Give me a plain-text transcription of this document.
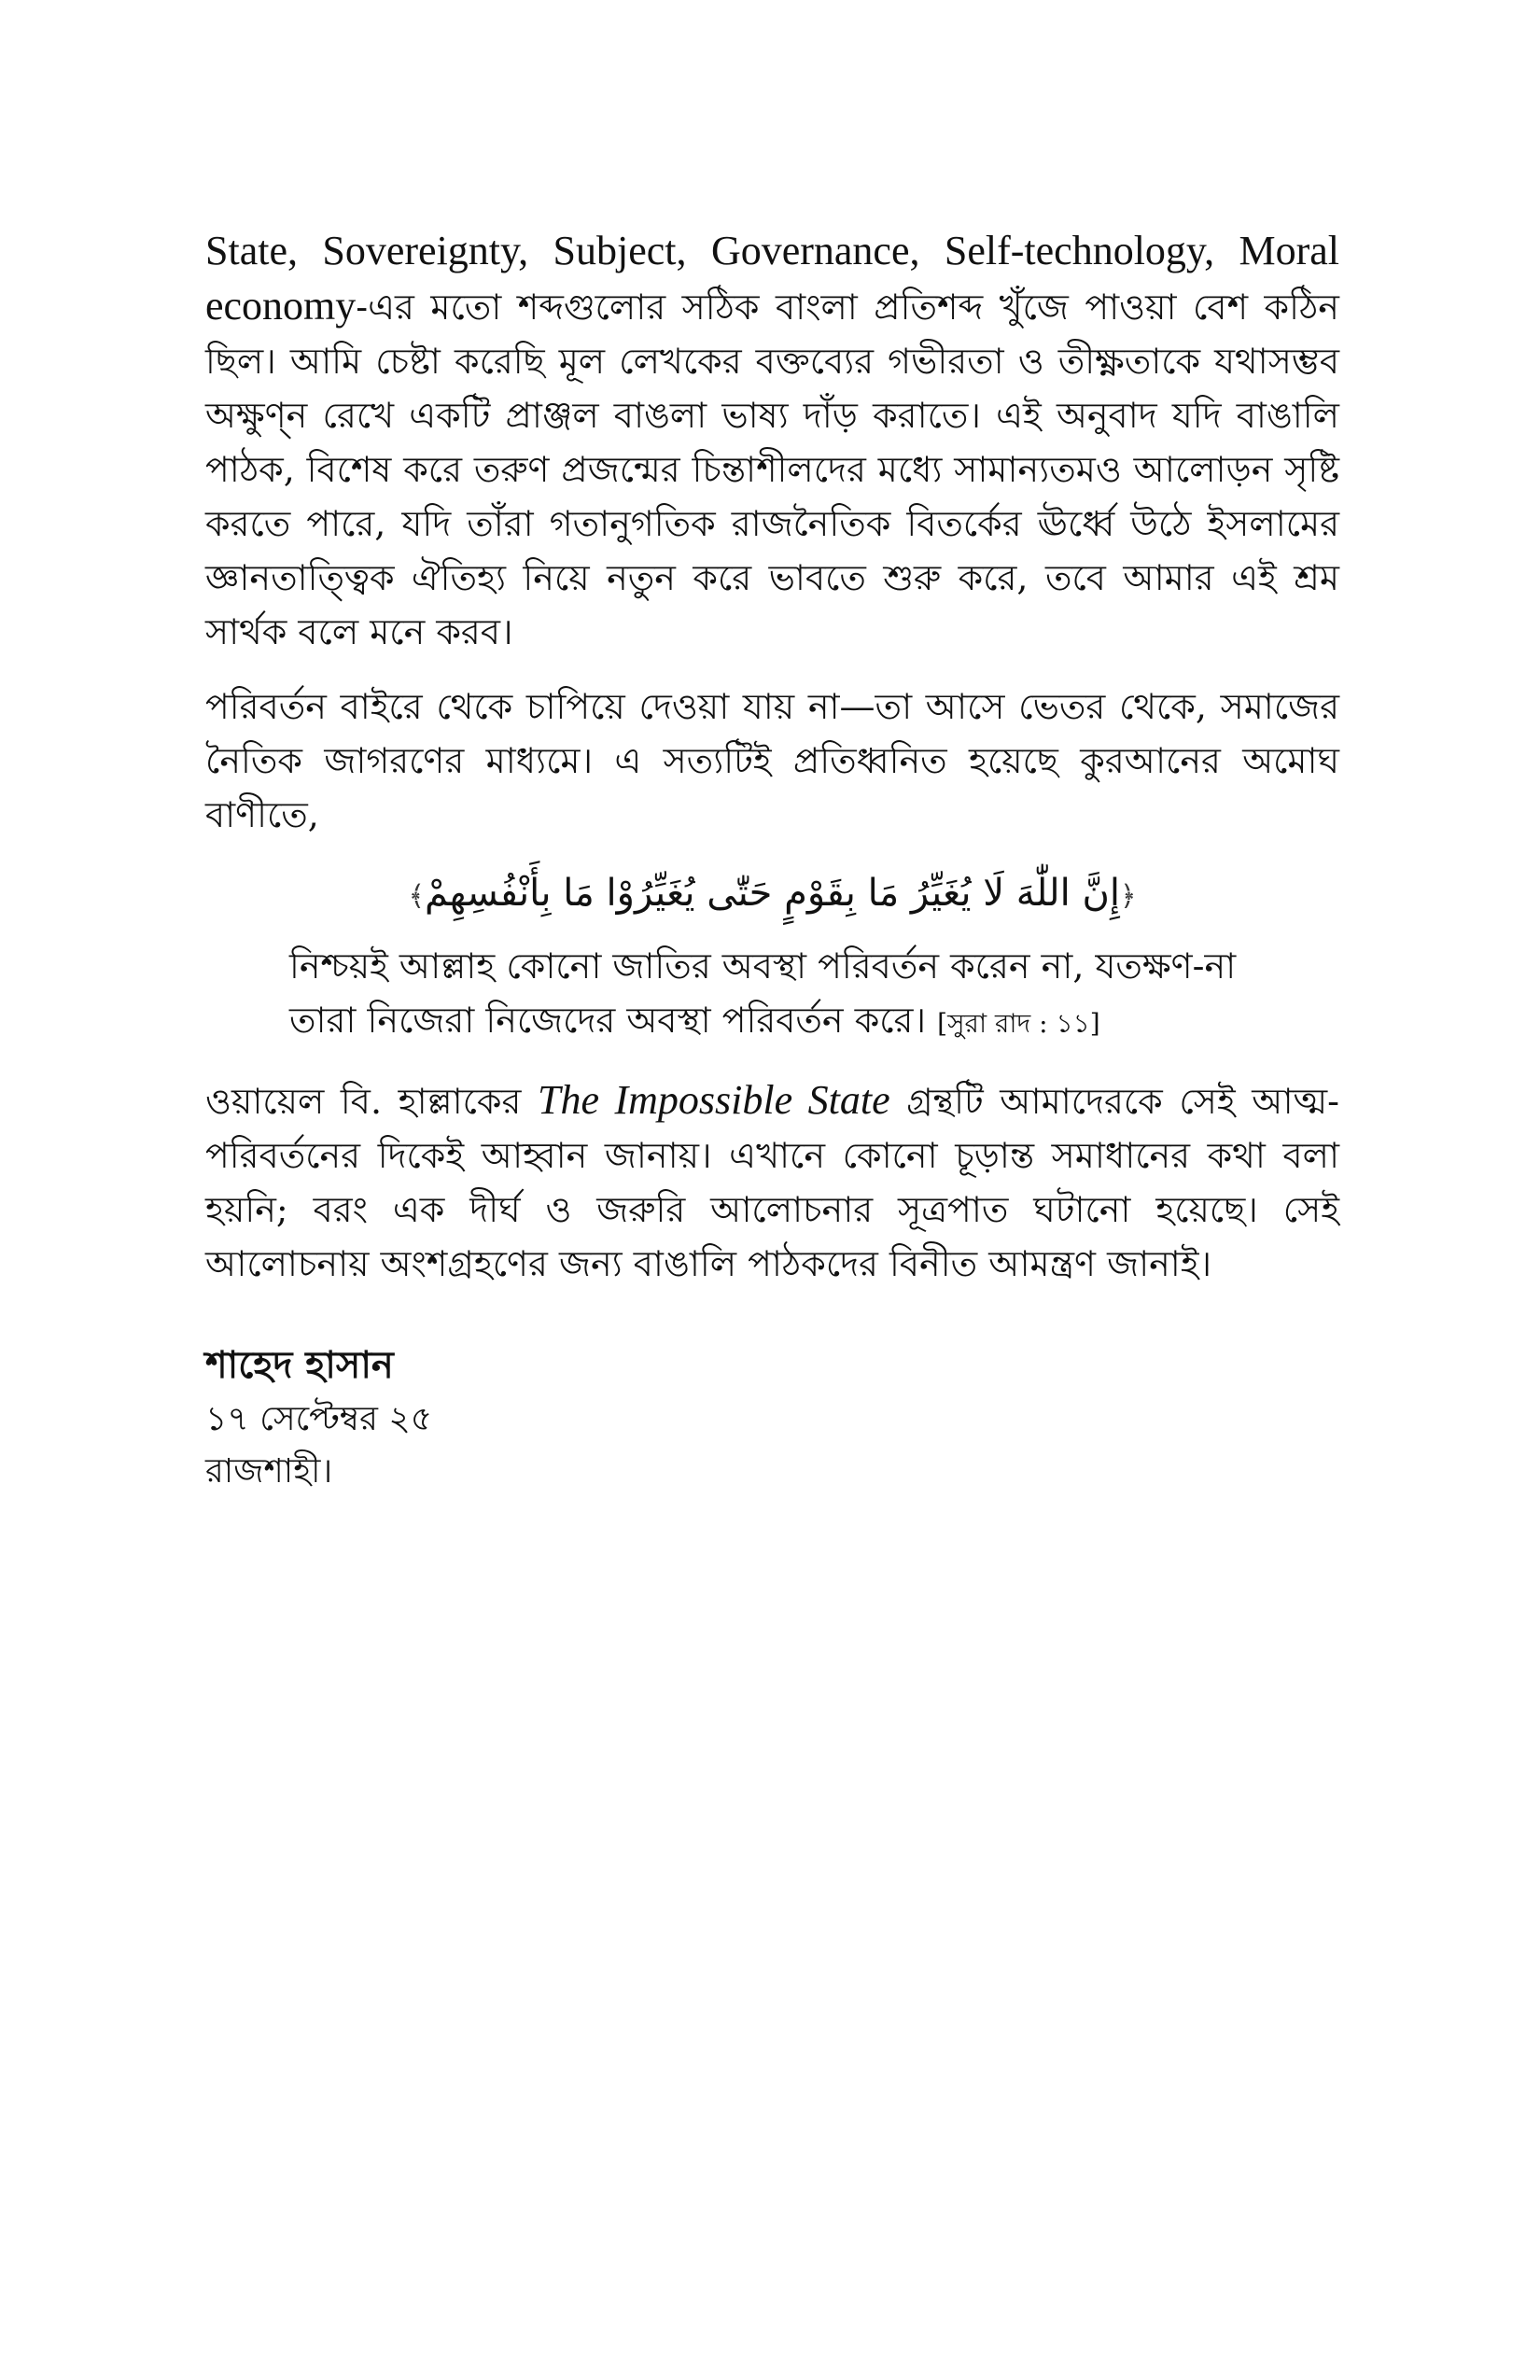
State, Sovereignty, Subject, Governance, Self-technology, Moral economy-এর মতো শব্দগুলোর সঠিক বাংলা প্রতিশব্দ খুঁজে পাওয়া বেশ কঠিন ছিল। আমি চেষ্টা করেছি মূল লেখকের বক্তব্যের গভীরতা ও তীক্ষ্ণতাকে যথাসম্ভব অক্ষুণ্ন রেখে একটি প্রাঞ্জল বাঙলা ভাষ্য দাঁড় করাতে। এই অনুবাদ যদি বাঙালি পাঠক, বিশেষ করে তরুণ প্রজন্মের চিন্তাশীলদের মধ্যে সামান্যতমও আলোড়ন সৃষ্টি করতে পারে, যদি তাঁরা গতানুগতিক রাজনৈতিক বিতর্কের ঊর্ধ্বে উঠে ইসলামের জ্ঞানতাত্ত্বিক ঐতিহ্য নিয়ে নতুন করে ভাবতে শুরু করে, তবে আমার এই শ্রম সার্থক বলে মনে করব।

পরিবর্তন বাইরে থেকে চাপিয়ে দেওয়া যায় না—তা আসে ভেতর থেকে, সমাজের নৈতিক জাগরণের মাধ্যমে। এ সত্যটিই প্রতিধ্বনিত হয়েছে কুরআনের অমোঘ বাণীতে,

﴿إِنَّ اللّٰهَ لَا يُغَيِّرُ مَا بِقَوْمٍ حَتّٰى يُغَيِّرُوْا مَا بِأَنْفُسِهِمْ﴾

নিশ্চয়ই আল্লাহ কোনো জাতির অবস্থা পরিবর্তন করেন না, যতক্ষণ-না তারা নিজেরা নিজেদের অবস্থা পরিবর্তন করে। [সুরা রাদ : ১১]

ওয়ায়েল বি. হাল্লাকের The Impossible State গ্রন্থটি আমাদেরকে সেই আত্ম-পরিবর্তনের দিকেই আহ্বান জানায়। এখানে কোনো চূড়ান্ত সমাধানের কথা বলা হয়নি; বরং এক দীর্ঘ ও জরুরি আলোচনার সূত্রপাত ঘটানো হয়েছে। সেই আলোচনায় অংশগ্রহণের জন্য বাঙালি পাঠকদের বিনীত আমন্ত্রণ জানাই।

শাহেদ হাসান
১৭ সেপ্টেম্বর ২৫
রাজশাহী।
